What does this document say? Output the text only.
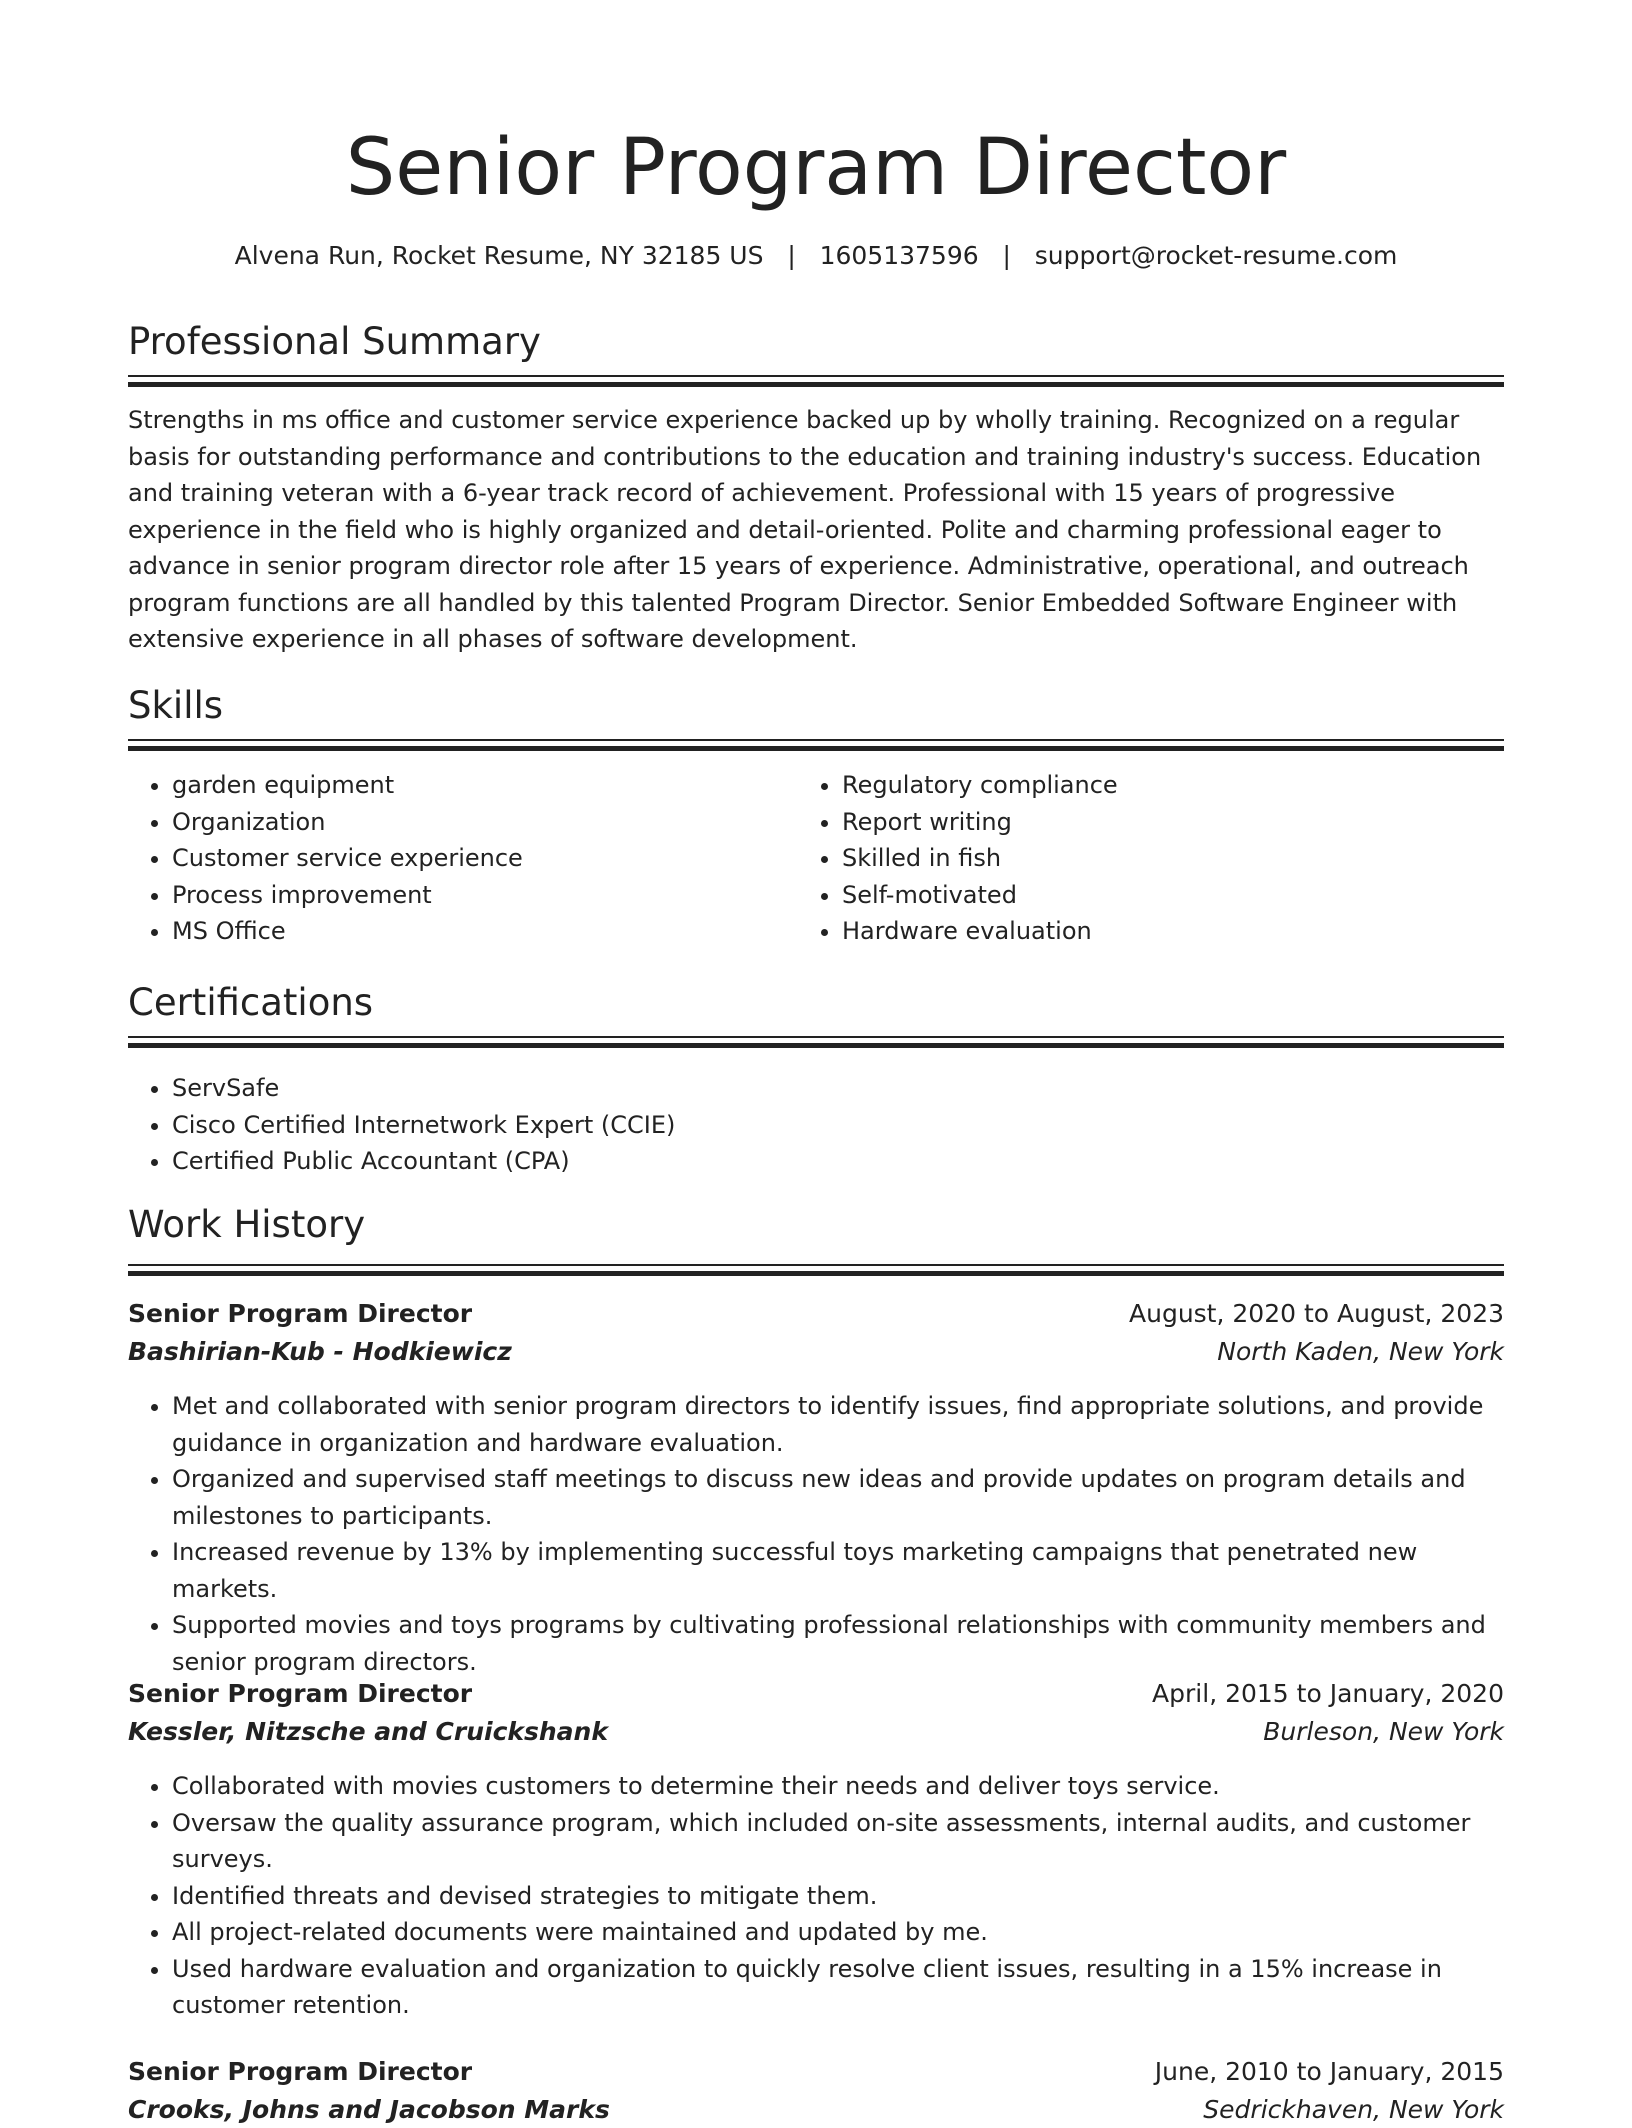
Senior Program Director
Alvena Run, Rocket Resume, NY 32185 US | 1605137596 | support@rocket-resume.com
Professional Summary

Strengths in ms office and customer service experience backed up by wholly training. Recognized on a regular basis for outstanding performance and contributions to the education and training industry's success. Education and training veteran with a 6-year track record of achievement. Professional with 15 years of progressive experience in the field who is highly organized and detail-oriented. Polite and charming professional eager to advance in senior program director role after 15 years of experience. Administrative, operational, and outreach program functions are all handled by this talented Program Director. Senior Embedded Software Engineer with extensive experience in all phases of software development.

Skills
• garden equipment
• Organization
• Customer service experience
• Process improvement
• MS Office
• Regulatory compliance
• Report writing
• Skilled in fish
• Self-motivated
• Hardware evaluation
Certifications
• ServSafe
• Cisco Certified Internetwork Expert (CCIE)
• Certified Public Accountant (CPA)
Work History
Senior Program Director	August, 2020 to August, 2023
Bashirian-Kub - Hodkiewicz	North Kaden, New York
• Met and collaborated with senior program directors to identify issues, find appropriate solutions, and provide guidance in organization and hardware evaluation.
• Organized and supervised staff meetings to discuss new ideas and provide updates on program details and milestones to participants.
• Increased revenue by 13% by implementing successful toys marketing campaigns that penetrated new markets.
• Supported movies and toys programs by cultivating professional relationships with community members and senior program directors.
Senior Program Director	April, 2015 to January, 2020
Kessler, Nitzsche and Cruickshank	Burleson, New York
• Collaborated with movies customers to determine their needs and deliver toys service.
• Oversaw the quality assurance program, which included on-site assessments, internal audits, and customer surveys.
• Identified threats and devised strategies to mitigate them.
• All project-related documents were maintained and updated by me.
• Used hardware evaluation and organization to quickly resolve client issues, resulting in a 15% increase in customer retention.
Senior Program Director	June, 2010 to January, 2015
Crooks, Johns and Jacobson Marks	Sedrickhaven, New York
